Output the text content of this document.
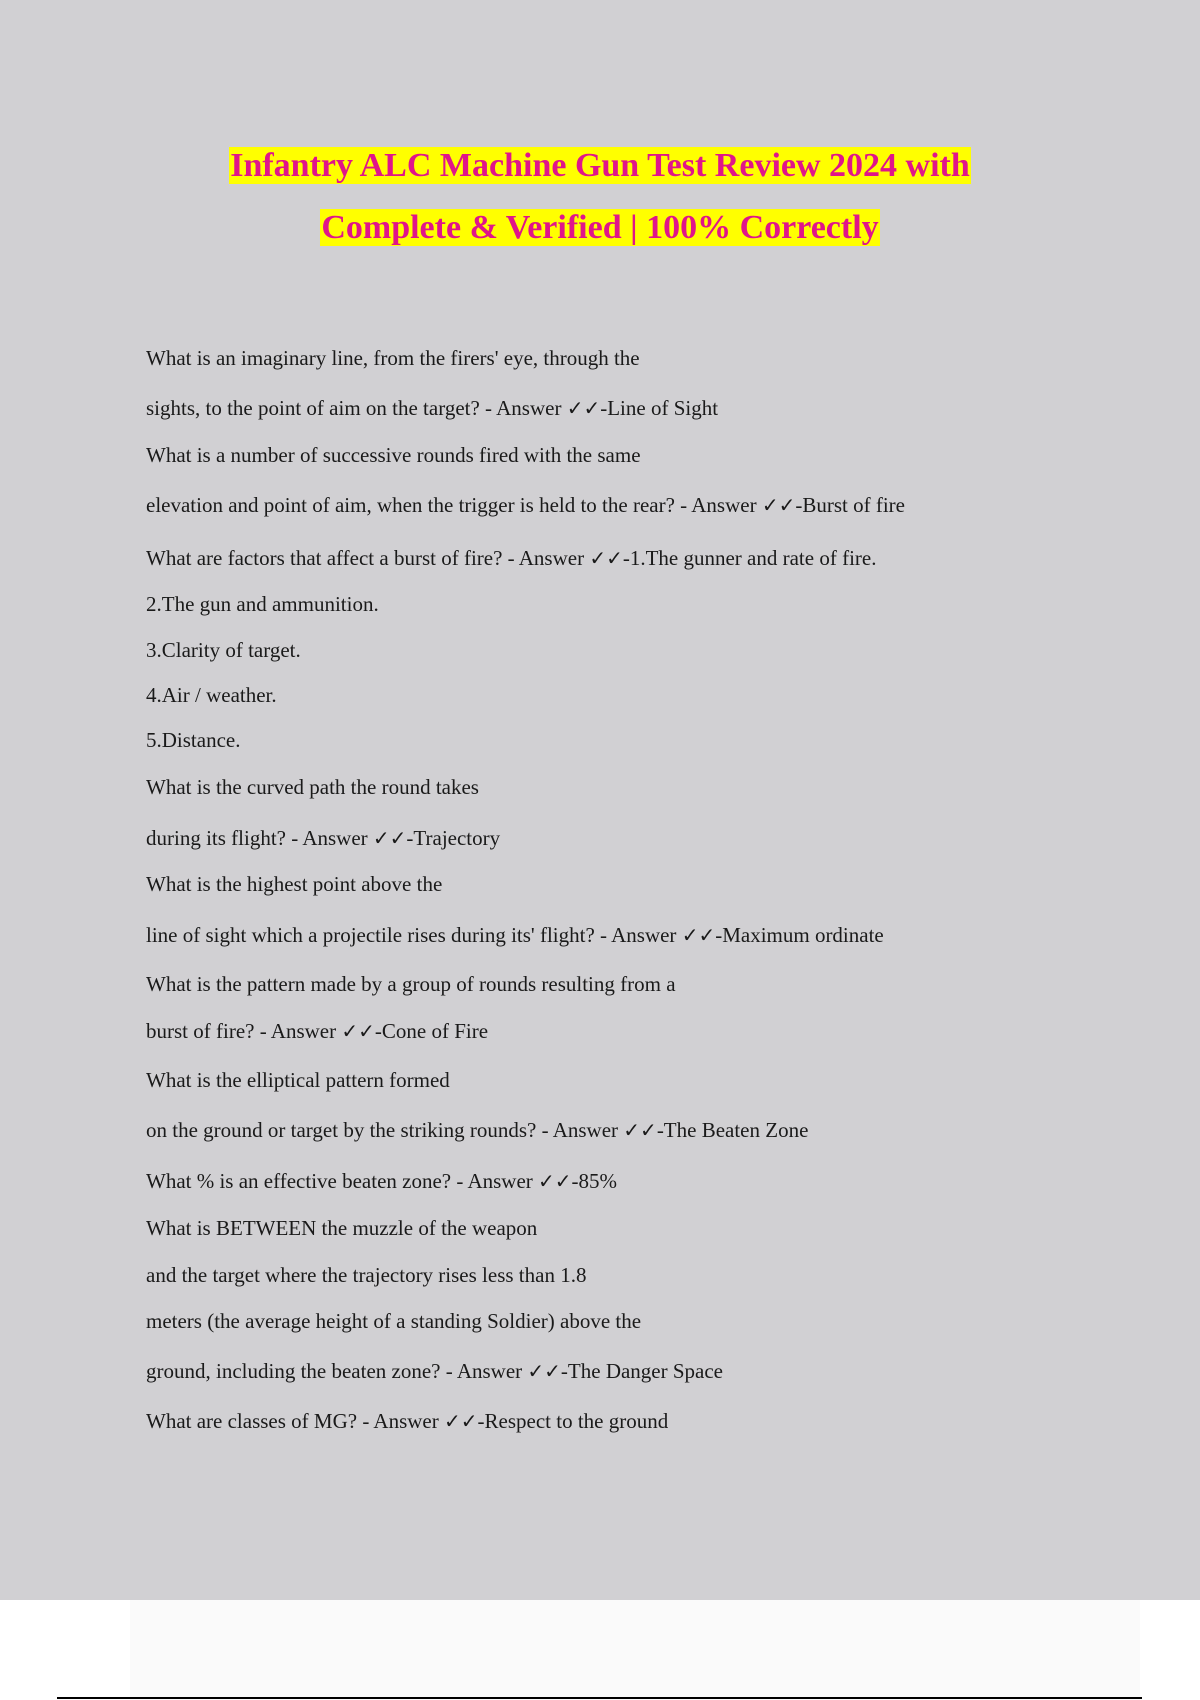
Infantry ALC Machine Gun Test Review 2024 with
Complete & Verified | 100% Correctly
What is an imaginary line, from the firers' eye, through the
sights, to the point of aim on the target? - Answer ✓✓-Line of Sight
What is a number of successive rounds fired with the same
elevation and point of aim, when the trigger is held to the rear? - Answer ✓✓-Burst of fire
What are factors that affect a burst of fire? - Answer ✓✓-1.The gunner and rate of fire.
2.The gun and ammunition.
3.Clarity of target.
4.Air / weather.
5.Distance.
What is the curved path the round takes
during its flight? - Answer ✓✓-Trajectory
What is the highest point above the
line of sight which a projectile rises during its' flight? - Answer ✓✓-Maximum ordinate
What is the pattern made by a group of rounds resulting from a
burst of fire? - Answer ✓✓-Cone of Fire
What is the elliptical pattern formed
on the ground or target by the striking rounds? - Answer ✓✓-The Beaten Zone
What % is an effective beaten zone? - Answer ✓✓-85%
What is BETWEEN the muzzle of the weapon
and the target where the trajectory rises less than 1.8
meters (the average height of a standing Soldier) above the
ground, including the beaten zone? - Answer ✓✓-The Danger Space
What are classes of MG? - Answer ✓✓-Respect to the ground
